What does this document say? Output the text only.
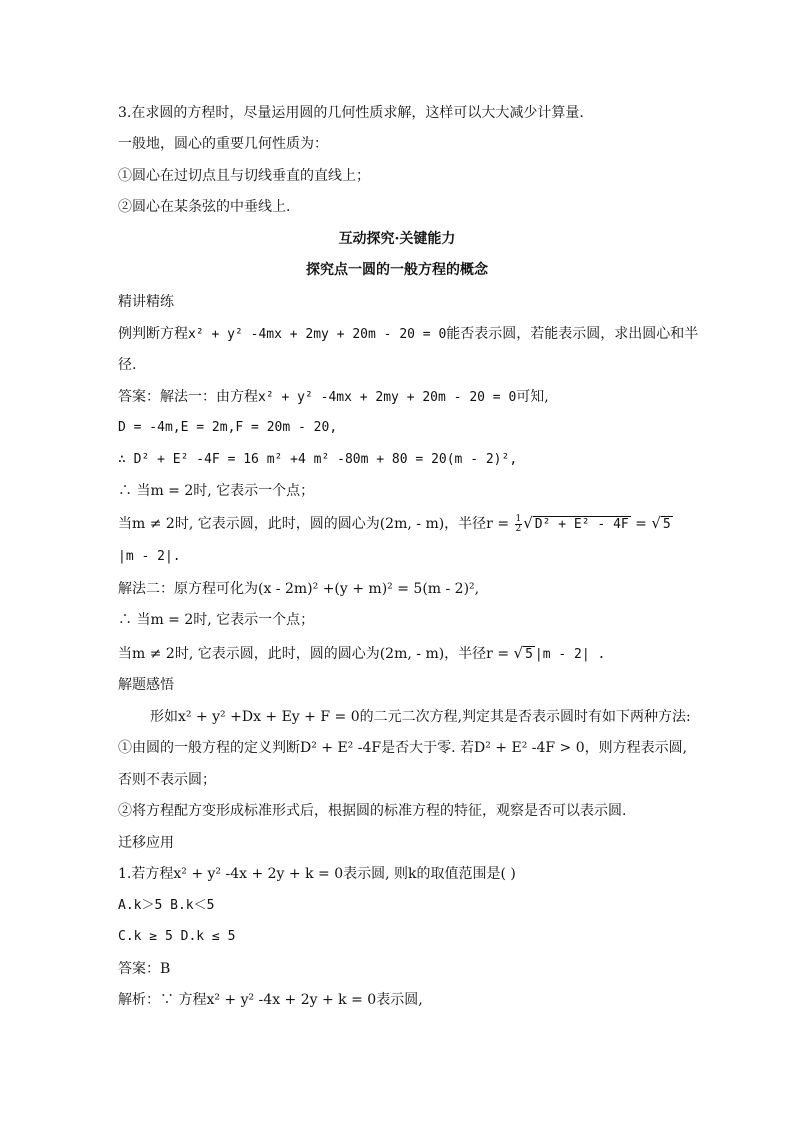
3.在求圆的方程时，尽量运用圆的几何性质求解，这样可以大大减少计算量.
一般地，圆心的重要几何性质为：
①圆心在过切点且与切线垂直的直线上；
②圆心在某条弦的中垂线上.
互动探究·关键能力
探究点一圆的一般方程的概念
精讲精练
例判断方程x² + y² -4mx + 2my + 20m - 20 = 0能否表示圆，若能表示圆，求出圆心和半
径.
答案：解法一：由方程x² + y² -4mx + 2my + 20m - 20 = 0可知,
D = -4m,E = 2m,F = 20m - 20,
∴ D² + E² -4F = 16 m² +4 m² -80m + 80 = 20(m - 2)²,
∴ 当m = 2时, 它表示一个点；
当m ≠ 2时, 它表示圆，此时，圆的圆心为(2m, - m)，半径$r = \frac{1}{2}$ √ D² + E² - 4F = √ 5
|m - 2|.
解法二：原方程可化为(x - 2m)² +(y + m)² = 5(m - 2)²,
∴ 当m = 2时, 它表示一个点；
当m ≠ 2时, 它表示圆，此时，圆的圆心为(2m, - m)，半径r = √ 5 |m - 2| .
解题感悟
形如x² + y² +Dx + Ey + F = 0的二元二次方程,判定其是否表示圆时有如下两种方法:
①由圆的一般方程的定义判断D² + E² -4F是否大于零. 若D² + E² -4F > 0，则方程表示圆,
否则不表示圆；
②将方程配方变形成标准形式后，根据圆的标准方程的特征，观察是否可以表示圆.
迁移应用
1.若方程x² + y² -4x + 2y + k = 0表示圆, 则k的取值范围是( )
A.k＞5 B.k＜5
C.k ≥ 5 D.k ≤ 5
答案：B
解析：∵ 方程x² + y² -4x + 2y + k = 0表示圆,
